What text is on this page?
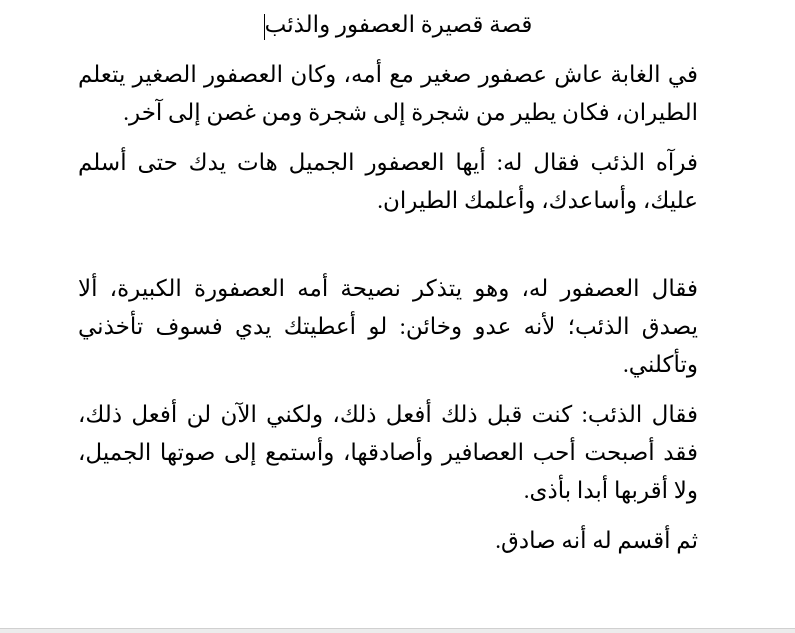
قصة قصيرة العصفور والذئب

في الغابة عاش عصفور صغير مع أمه، وكان العصفور الصغير يتعلم الطيران، فكان يطير من شجرة إلى شجرة ومن غصن إلى آخر.

فرآه الذئب فقال له: أيها العصفور الجميل هات يدك حتى أسلم عليك، وأساعدك، وأعلمك الطيران.

فقال العصفور له، وهو يتذكر نصيحة أمه العصفورة الكبيرة، ألا يصدق الذئب؛ لأنه عدو وخائن: لو أعطيتك يدي فسوف تأخذني وتأكلني.

فقال الذئب: كنت قبل ذلك أفعل ذلك، ولكني الآن لن أفعل ذلك، فقد أصبحت أحب العصافير وأصادقها، وأستمع إلى صوتها الجميل، ولا أقربها أبدا بأذى.

ثم أقسم له أنه صادق.
